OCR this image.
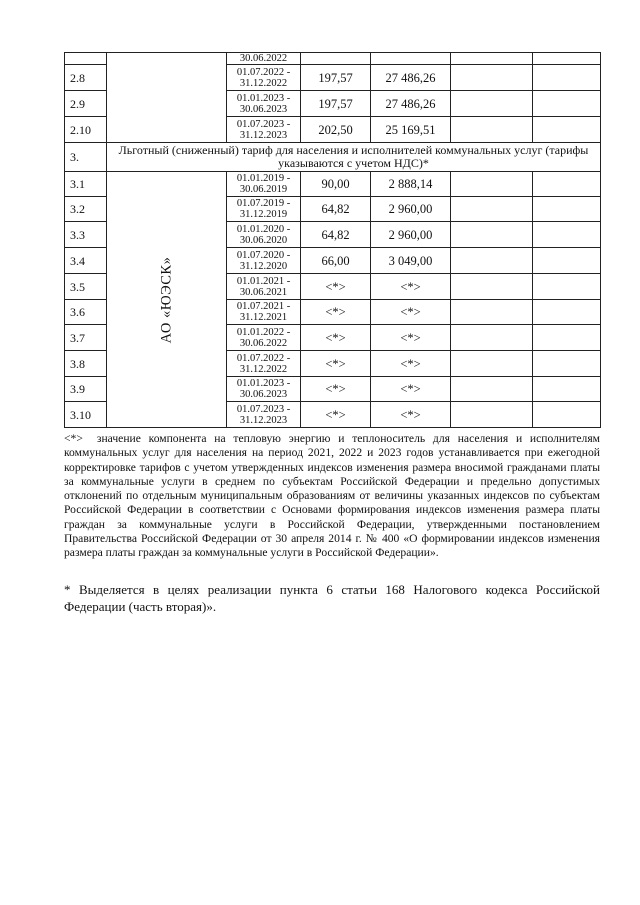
		30.06.2022				
2.8		01.07.2022 - 31.12.2022	197,57	27 486,26		
2.9		01.01.2023 - 30.06.2023	197,57	27 486,26		
2.10		01.07.2023 - 31.12.2023	202,50	25 169,51		
3.	Льготный (сниженный) тариф для населения и исполнителей коммунальных услуг (тарифы указываются с учетом НДС)*					
3.1	АО «ЮЭСК»	01.01.2019 - 30.06.2019	90,00	2 888,14		
3.2		01.07.2019 - 31.12.2019	64,82	2 960,00		
3.3		01.01.2020 - 30.06.2020	64,82	2 960,00		
3.4		01.07.2020 - 31.12.2020	66,00	3 049,00		
3.5		01.01.2021 - 30.06.2021	<*>	<*>		
3.6		01.07.2021 - 31.12.2021	<*>	<*>		
3.7		01.01.2022 - 30.06.2022	<*>	<*>		
3.8		01.07.2022 - 31.12.2022	<*>	<*>		
3.9		01.01.2023 - 30.06.2023	<*>	<*>		
3.10		01.07.2023 - 31.12.2023	<*>	<*>		
<*> значение компонента на тепловую энергию и теплоноситель для населения и исполнителям коммунальных услуг для населения на период 2021, 2022 и 2023 годов устанавливается при ежегодной корректировке тарифов с учетом утвержденных индексов изменения размера вносимой гражданами платы за коммунальные услуги в среднем по субъектам Российской Федерации и предельно допустимых отклонений по отдельным муниципальным образованиям от величины указанных индексов по субъектам Российской Федерации в соответствии с Основами формирования индексов изменения размера платы граждан за коммунальные услуги в Российской Федерации, утвержденными постановлением Правительства Российской Федерации от 30 апреля 2014 г. № 400 «О формировании индексов изменения размера платы граждан за коммунальные услуги в Российской Федерации».
* Выделяется в целях реализации пункта 6 статьи 168 Налогового кодекса Российской Федерации (часть вторая)».
